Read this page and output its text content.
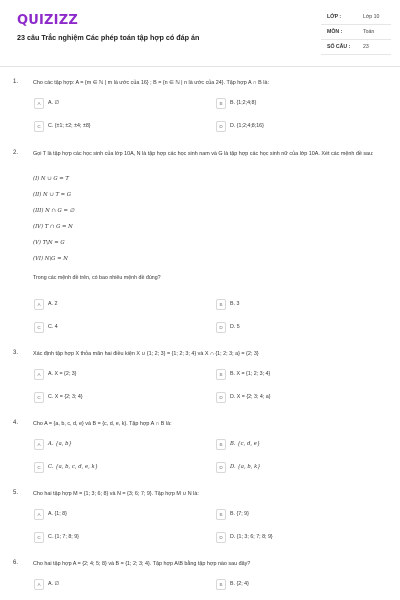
QUIZIZZ
23 câu Trắc nghiệm Các phép toán tập hợp có đáp án
LỚP :	Lớp 10
MÔN :	Toán
SỐ CÂU :	23
1.	Cho các tập hợp: A = {m ∈ ℕ | m là ước của 16} ; B = {n ∈ ℕ | n là ước của 24}. Tập hợp A ∩ B là:
A	A. ∅	B	B. {1;2;4;8}
C	C. {±1; ±2; ±4; ±8}	D	D. {1;2;4;8;16}
2.	Gọi T là tập hợp các học sinh của lớp 10A, N là tập hợp các học sinh nam và G là tập hợp các học sinh nữ của lớp 10A. Xét các mệnh đề sau:
(I) N ∪ G = T
(II) N ∪ T = G
(III) N ∩ G = ∅
(IV) T ∩ G = N
(V) T\N = G
(VI) N\G = N
Trong các mệnh đề trên, có bao nhiêu mệnh đề đúng?
A	A. 2	B	B. 3
C	C. 4	D	D. 5
3.	Xác định tập hợp X thỏa mãn hai điều kiện X ∪ {1; 2; 3} = {1; 2; 3; 4} và X ∩ {1; 2; 3; a} = {2; 3}
A	A. X = {2; 3}	B	B. X = {1; 2; 3; 4}
C	C. X = {2; 3; 4}	D	D. X = {2; 3; 4; a}
4.	Cho A = {a, b, c, d, e} và B = {c, d, e, k}. Tập hợp A ∩ B là:
A	A. {a, b}	B	B. {c, d, e}
C	C. {a, b, c, d, e, k}	D	D. {a, b, k}
5.	Cho hai tập hợp M = {1; 3; 6; 8} và N = {3; 6; 7; 9}. Tập hợp M ∪ N là:
A	A. {1; 8}	B	B. {7; 9}
C	C. {1; 7; 8; 9}	D	D. {1; 3; 6; 7; 8; 9}
6.	Cho hai tập hợp A = {2; 4; 5; 8} và B = {1; 2; 3; 4}. Tập hợp A\B bằng tập hợp nào sau đây?
A	A. ∅	B	B. {2; 4}
